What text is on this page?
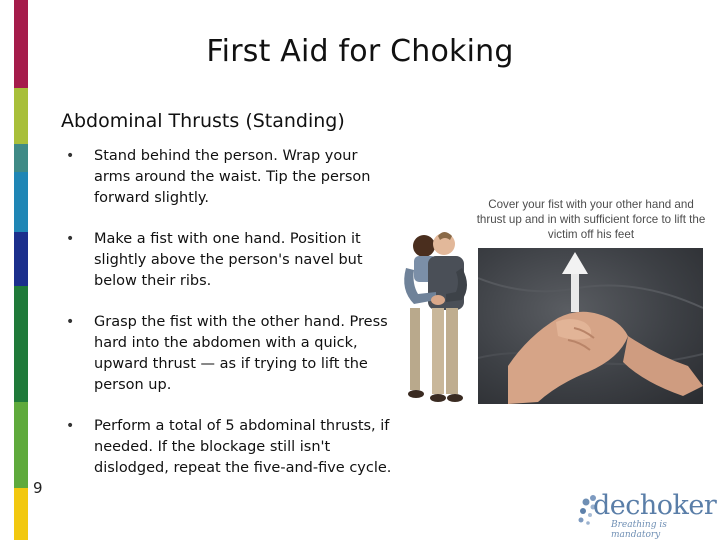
First Aid for Choking
Abdominal Thrusts (Standing)
•	Stand behind the person. Wrap your arms around the waist. Tip the person forward slightly.
•	Make a fist with one hand. Position it slightly above the person's navel but below their ribs.
•	Grasp the fist with the other hand. Press hard into the abdomen with a quick, upward thrust — as if trying to lift the person up.
•	Perform a total of 5 abdominal thrusts, if needed. If the blockage still isn't dislodged, repeat the five-and-five cycle.
9
Cover your fist with your other hand and thrust up and in with sufficient force to lift the victim off his feet
dechoker
Breathing is mandatory
